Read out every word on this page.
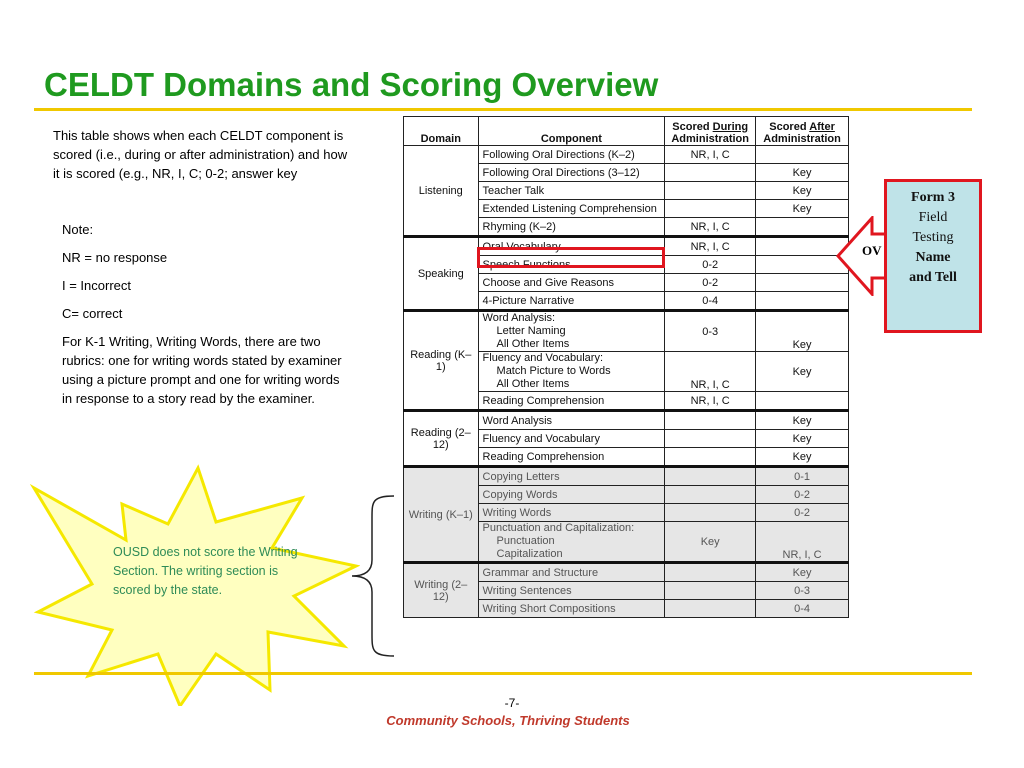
CELDT Domains and Scoring Overview
This table shows when each CELDT component is scored (i.e., during or after administration) and how it is scored (e.g., NR, I, C; 0-2; answer key

Note:

NR = no response

I = Incorrect

C= correct

For K-1 Writing, Writing Words, there are two rubrics: one for writing words stated by examiner using a picture prompt and one for writing words in response to a story read by the examiner.

Domain	Component	Scored During
Administration	Scored After
Administration
Listening	Following Oral Directions (K–2)	NR, I, C	
	Following Oral Directions (3–12)		Key
	Teacher Talk		Key
	Extended Listening Comprehension		Key
	Rhyming (K–2)	NR, I, C	
Speaking	Oral Vocabulary	NR, I, C	
	Speech Functions	0-2	
	Choose and Give Reasons	0-2	
	4-Picture Narrative	0-4	
Reading (K–1)	Word Analysis:
Letter Naming
All Other Items	0-3	Key
	Fluency and Vocabulary:
Match Picture to Words
All Other Items	NR, I, C	Key
	Reading Comprehension	NR, I, C	
Reading (2–12)	Word Analysis		Key
	Fluency and Vocabulary		Key
	Reading Comprehension		Key
Writing (K–1)	Copying Letters		0-1
	Copying Words		0-2
	Writing Words		0-2
	Punctuation and Capitalization:
Punctuation
Capitalization	Key	NR, I, C
Writing (2–12)	Grammar and Structure		Key
	Writing Sentences		0-3
	Writing Short Compositions		0-4
OV
Form 3
Field
Testing
Name
and Tell
OUSD does not score the Writing Section. The writing section is scored by the state.
-7-
Community Schools, Thriving Students
